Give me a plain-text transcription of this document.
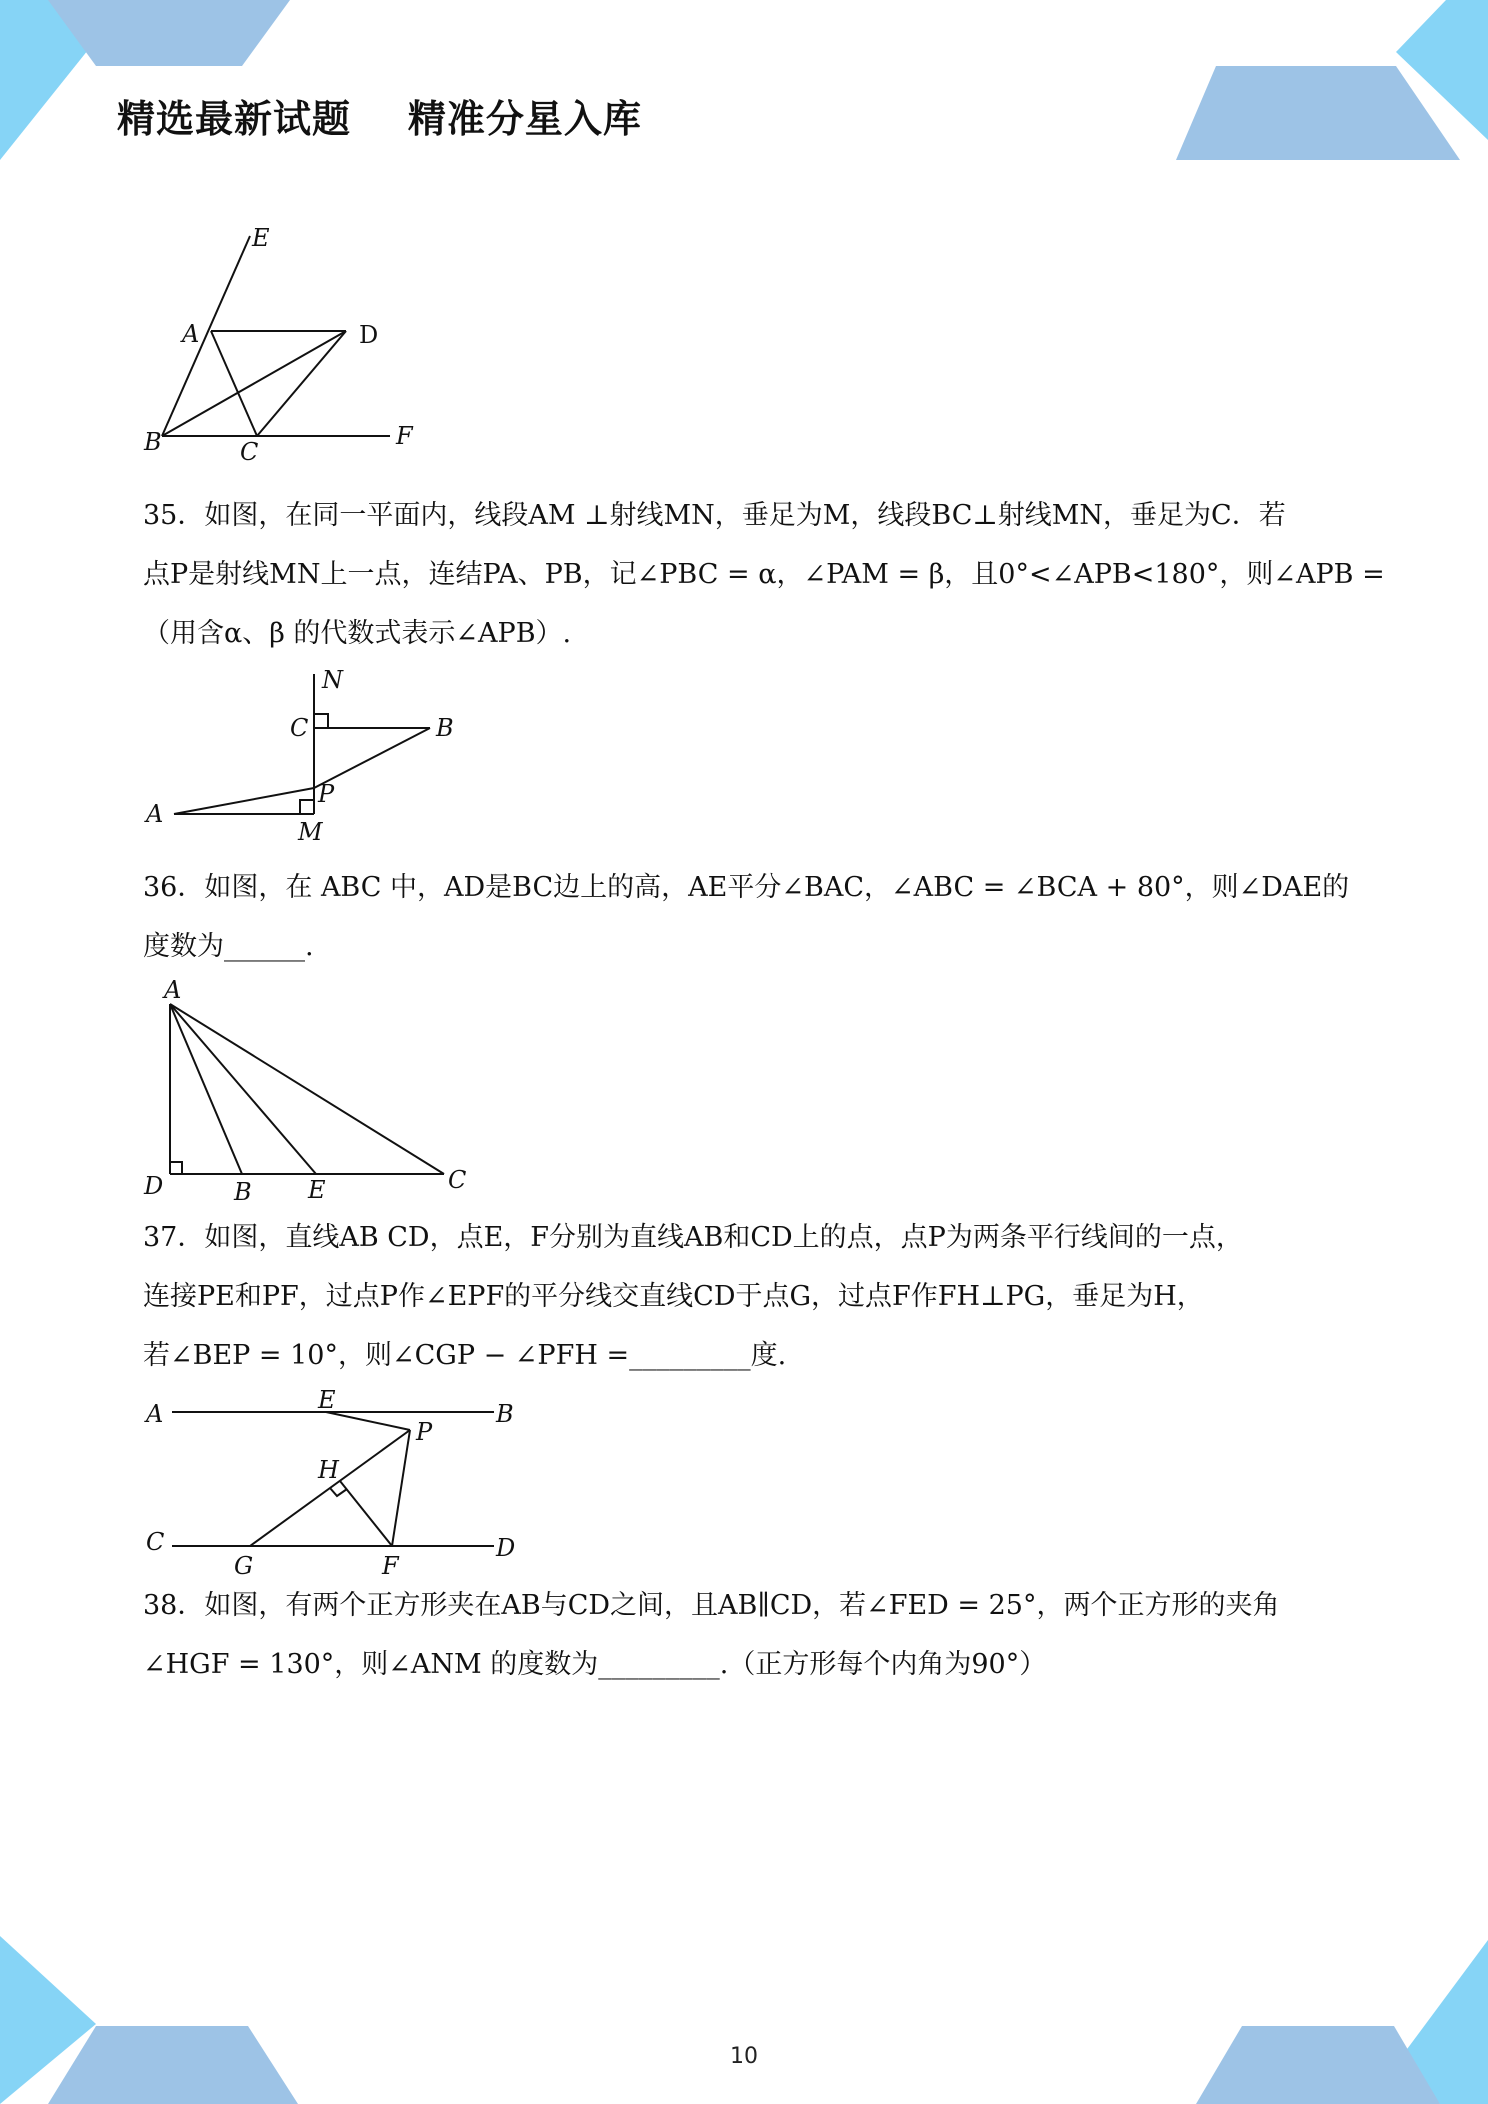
精选最新试题    精准分星入库
E
A	D
B	C
F
35．如图，在同一平面内，线段AM ⊥射线MN，垂足为M，线段BC⊥射线MN，垂足为C．若
点P是射线MN上一点，连结PA、PB，记∠PBC = α，∠PAM = β，且0°<∠APB<180°，则∠APB =
（用含α、β 的代数式表示∠APB）.
N
C	B
P
A
M
36．如图，在 ABC 中，AD是BC边上的高，AE平分∠BAC，∠ABC = ∠BCA + 80°，则∠DAE的
度数为______.
A
D	B E	C
37．如图，直线AB CD，点E，F分别为直线AB和CD上的点，点P为两条平行线间的一点，
连接PE和PF，过点P作∠EPF的平分线交直线CD于点G，过点F作FH⊥PG，垂足为H，
若∠BEP = 10°，则∠CGP − ∠PFH =_________度.
A	E	B
P
H
C
G	F
D
38．如图，有两个正方形夹在AB与CD之间，且AB∥CD，若∠FED = 25°，两个正方形的夹角
∠HGF = 130°，则∠ANM 的度数为_________.（正方形每个内角为90°）
10
